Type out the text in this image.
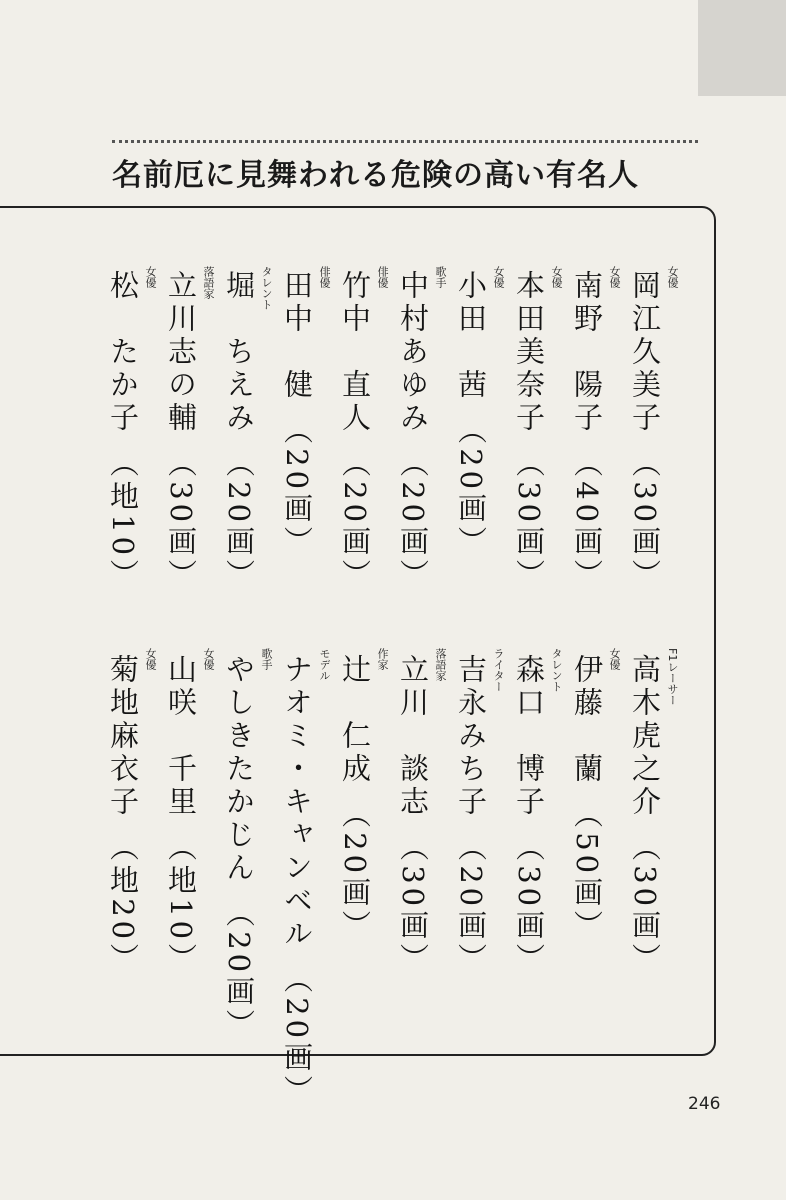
名前厄に見舞われる危険の高い有名人
岡江久美子 （30画） 女優
南野　陽子 （40画） 女優
本田美奈子 （30画） 女優
小田　茜 （20画） 女優
中村あゆみ （20画） 歌手
竹中　直人 （20画） 俳優
田中　健 （20画） 俳優
堀　ちえみ （20画） タレント
立川志の輔 （30画） 落語家
松　たか子 （地10） 女優
高木虎之介 （30画） F1レーサー
伊藤　蘭 （50画） 女優
森口　博子 （30画） タレント
吉永みち子 （20画） ライター
立川　談志 （30画） 落語家
辻　仁成 （20画） 作家
ナオミ・キャンベル （20画） モデル
やしきたかじん （20画） 歌手
山咲　千里 （地10） 女優
菊地麻衣子 （地20） 女優
246
